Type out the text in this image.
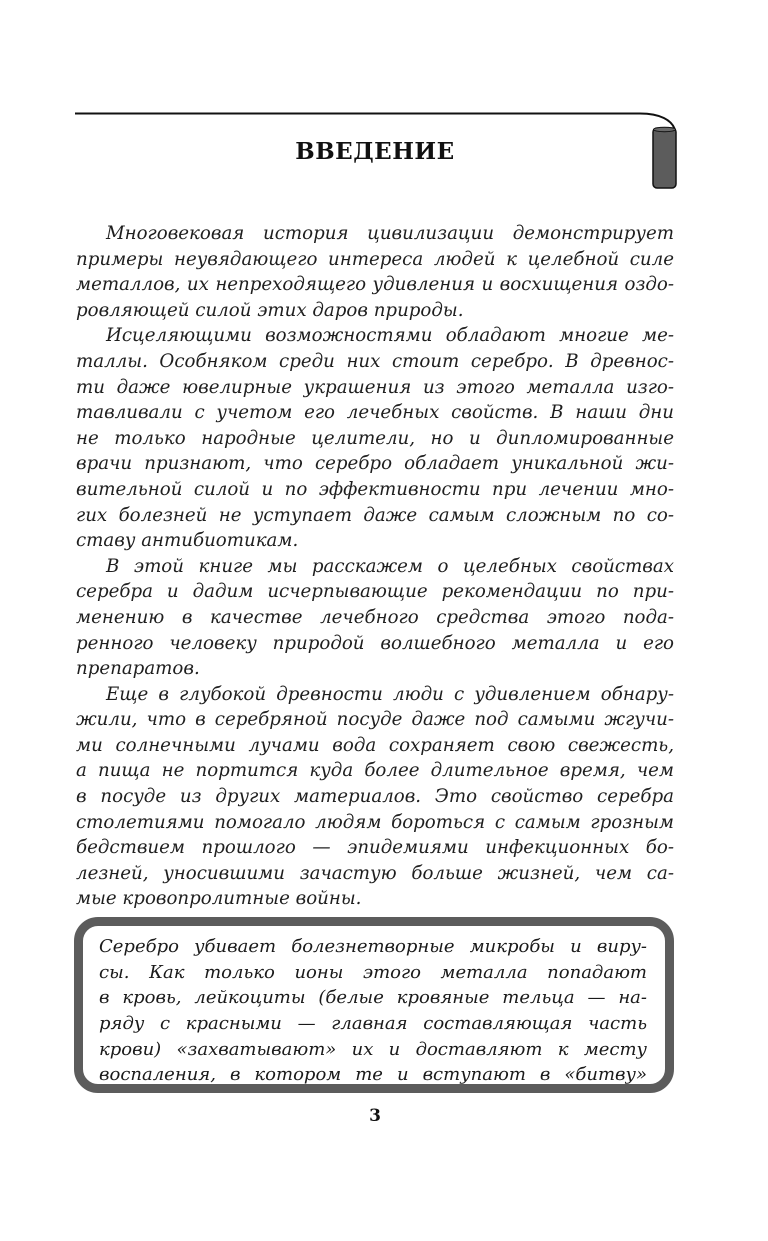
ВВЕДЕНИЕ
Многовековая история цивилизации демонстрирует
примеры неувядающего интереса людей к целебной силе
металлов, их непреходящего удивления и восхищения оздо-
ровляющей силой этих даров природы.
Исцеляющими возможностями обладают многие ме-
таллы. Особняком среди них стоит серебро. В древнос-
ти даже ювелирные украшения из этого металла изго-
тавливали с учетом его лечебных свойств. В наши дни
не только народные целители, но и дипломированные
врачи признают, что серебро обладает уникальной жи-
вительной силой и по эффективности при лечении мно-
гих болезней не уступает даже самым сложным по со-
ставу антибиотикам.
В этой книге мы расскажем о целебных свойствах
серебра и дадим исчерпывающие рекомендации по при-
менению в качестве лечебного средства этого пода-
ренного человеку природой волшебного металла и его
препаратов.
Еще в глубокой древности люди с удивлением обнару-
жили, что в серебряной посуде даже под самыми жгучи-
ми солнечными лучами вода сохраняет свою свежесть,
а пища не портится куда более длительное время, чем
в посуде из других материалов. Это свойство серебра
столетиями помогало людям бороться с самым грозным
бедствием прошлого — эпидемиями инфекционных бо-
лезней, уносившими зачастую больше жизней, чем са-
мые кровопролитные войны.
Серебро убивает болезнетворные микробы и виру-
сы. Как только ионы этого металла попадают
в кровь, лейкоциты (белые кровяные тельца — на-
ряду с красными — главная составляющая часть
крови) «захватывают» их и доставляют к месту
воспаления, в котором те и вступают в «битву»
3
